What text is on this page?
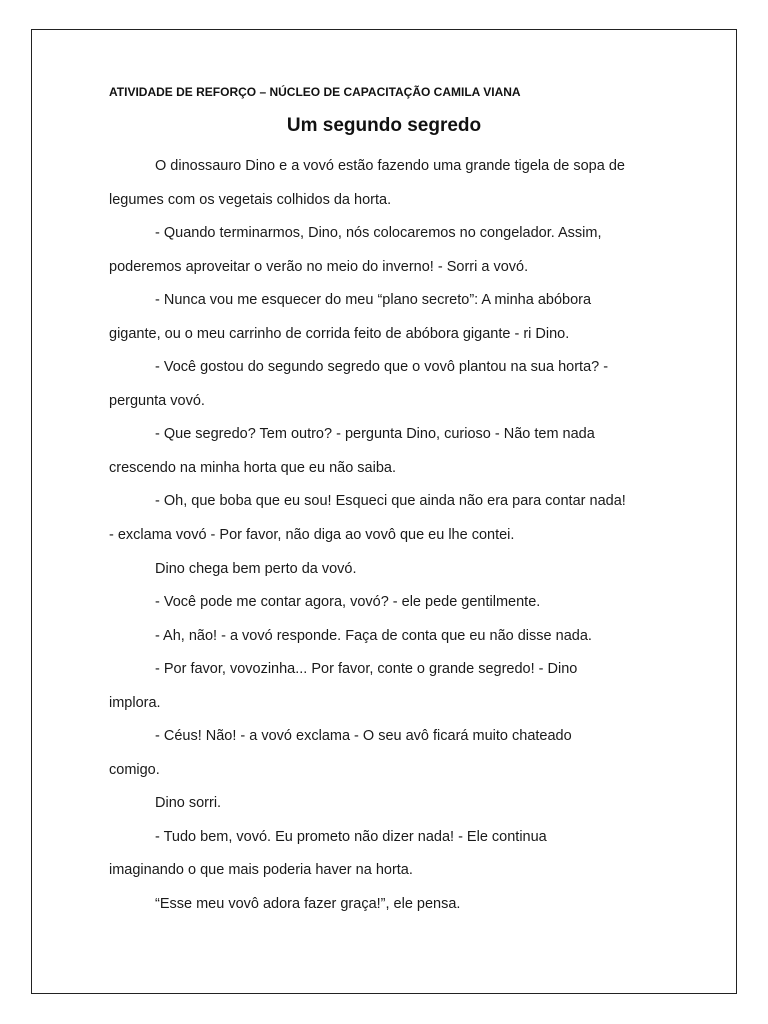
ATIVIDADE DE REFORÇO – NÚCLEO DE CAPACITAÇÃO CAMILA VIANA
Um segundo segredo
O dinossauro Dino e a vovó estão fazendo uma grande tigela de sopa de
legumes com os vegetais colhidos da horta.
- Quando terminarmos, Dino, nós colocaremos no congelador. Assim,
poderemos aproveitar o verão no meio do inverno! - Sorri a vovó.
- Nunca vou me esquecer do meu “plano secreto”: A minha abóbora
gigante, ou o meu carrinho de corrida feito de abóbora gigante - ri Dino.
- Você gostou do segundo segredo que o vovô plantou na sua horta? -
pergunta vovó.
- Que segredo? Tem outro? - pergunta Dino, curioso - Não tem nada
crescendo na minha horta que eu não saiba.
- Oh, que boba que eu sou! Esqueci que ainda não era para contar nada!
- exclama vovó - Por favor, não diga ao vovô que eu lhe contei.
Dino chega bem perto da vovó.
- Você pode me contar agora, vovó? - ele pede gentilmente.
- Ah, não! - a vovó responde. Faça de conta que eu não disse nada.
- Por favor, vovozinha... Por favor, conte o grande segredo! - Dino
implora.
- Céus! Não! - a vovó exclama - O seu avô ficará muito chateado
comigo.
Dino sorri.
- Tudo bem, vovó. Eu prometo não dizer nada! - Ele continua
imaginando o que mais poderia haver na horta.
“Esse meu vovô adora fazer graça!”, ele pensa.
